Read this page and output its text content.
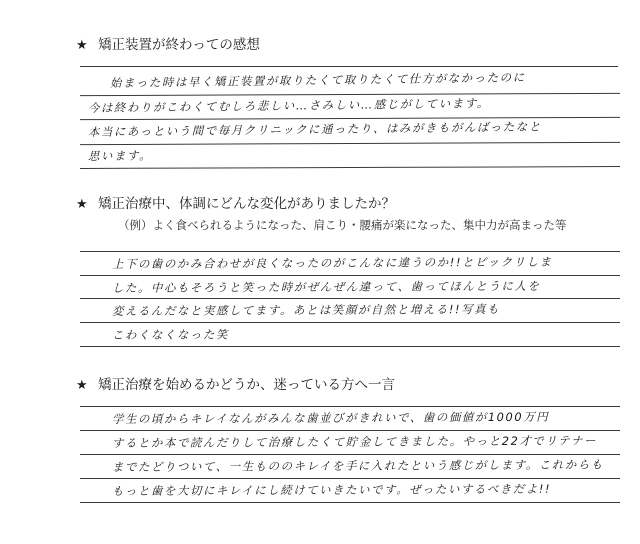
★ 矯正装置が終わっての感想
始まった時は早く矯正装置が取りたくて取りたくて仕方がなかったのに
今は終わりがこわくてむしろ悲しい…さみしい…感じがしています。
本当にあっという間で毎月クリニックに通ったり、はみがきもがんばったなと
思います。
★ 矯正治療中、体調にどんな変化がありましたか？
（例）よく食べられるようになった、肩こり・腰痛が楽になった、集中力が高まった等
上下の歯のかみ合わせが良くなったのがこんなに違うのか!!とビックリしま
した。中心もそろうと笑った時がぜんぜん違って、歯ってほんとうに人を
変えるんだなと実感してます。あとは笑顔が自然と増える!!写真も
こわくなくなった笑
★ 矯正治療を始めるかどうか、迷っている方へ一言
学生の頃からキレイなんがみんな歯並びがきれいで、歯の価値が1000万円
するとか本で読んだりして治療したくて貯金してきました。やっと22才でリテナー
までたどりついて、一生もののキレイを手に入れたという感じがします。これからも
もっと歯を大切にキレイにし続けていきたいです。ぜったいするべきだよ!!
